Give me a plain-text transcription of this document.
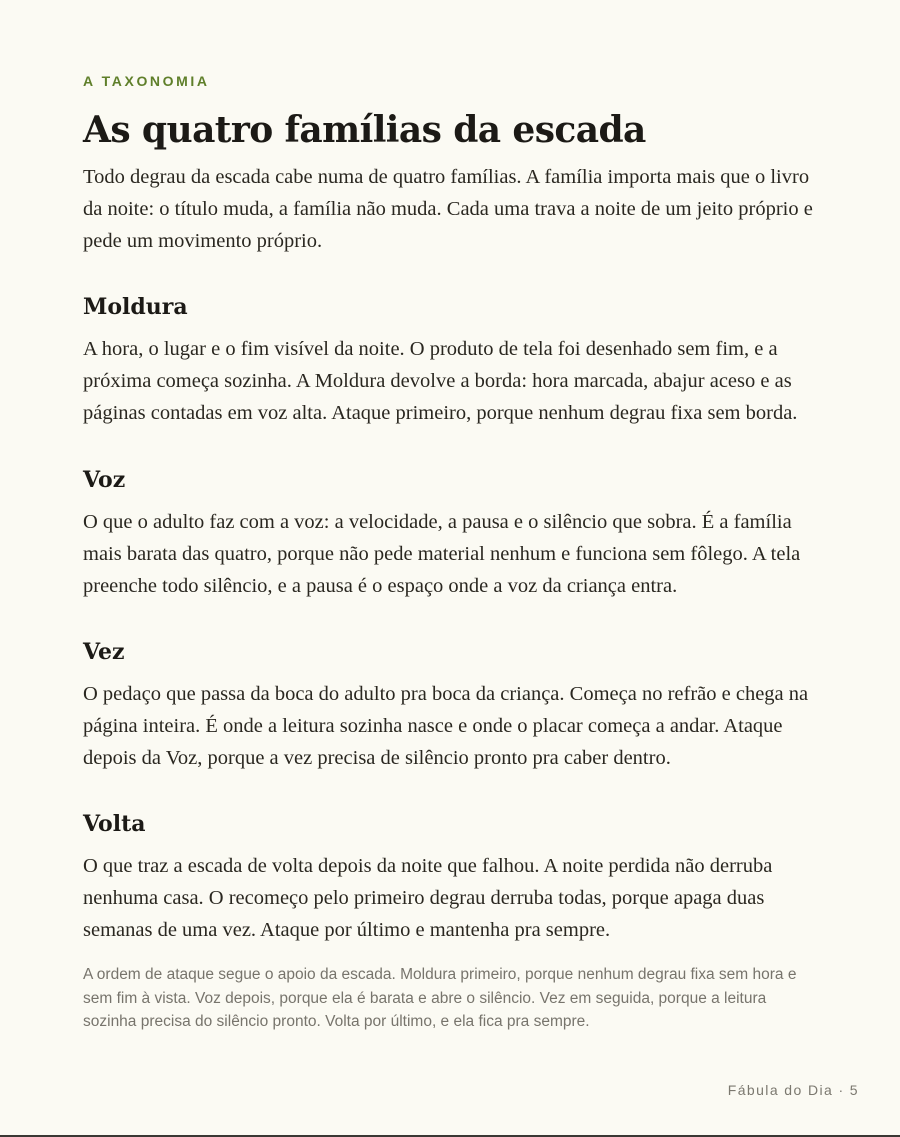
A TAXONOMIA
As quatro famílias da escada

Todo degrau da escada cabe numa de quatro famílias. A família importa mais que o livro da noite: o título muda, a família não muda. Cada uma trava a noite de um jeito próprio e pede um movimento próprio.

Moldura

A hora, o lugar e o fim visível da noite. O produto de tela foi desenhado sem fim, e a próxima começa sozinha. A Moldura devolve a borda: hora marcada, abajur aceso e as páginas contadas em voz alta. Ataque primeiro, porque nenhum degrau fixa sem borda.

Voz

O que o adulto faz com a voz: a velocidade, a pausa e o silêncio que sobra. É a família mais barata das quatro, porque não pede material nenhum e funciona sem fôlego. A tela preenche todo silêncio, e a pausa é o espaço onde a voz da criança entra.

Vez

O pedaço que passa da boca do adulto pra boca da criança. Começa no refrão e chega na página inteira. É onde a leitura sozinha nasce e onde o placar começa a andar. Ataque depois da Voz, porque a vez precisa de silêncio pronto pra caber dentro.

Volta

O que traz a escada de volta depois da noite que falhou. A noite perdida não derruba nenhuma casa. O recomeço pelo primeiro degrau derruba todas, porque apaga duas semanas de uma vez. Ataque por último e mantenha pra sempre.

A ordem de ataque segue o apoio da escada. Moldura primeiro, porque nenhum degrau fixa sem hora e sem fim à vista. Voz depois, porque ela é barata e abre o silêncio. Vez em seguida, porque a leitura sozinha precisa do silêncio pronto. Volta por último, e ela fica pra sempre.

Fábula do Dia · 5
